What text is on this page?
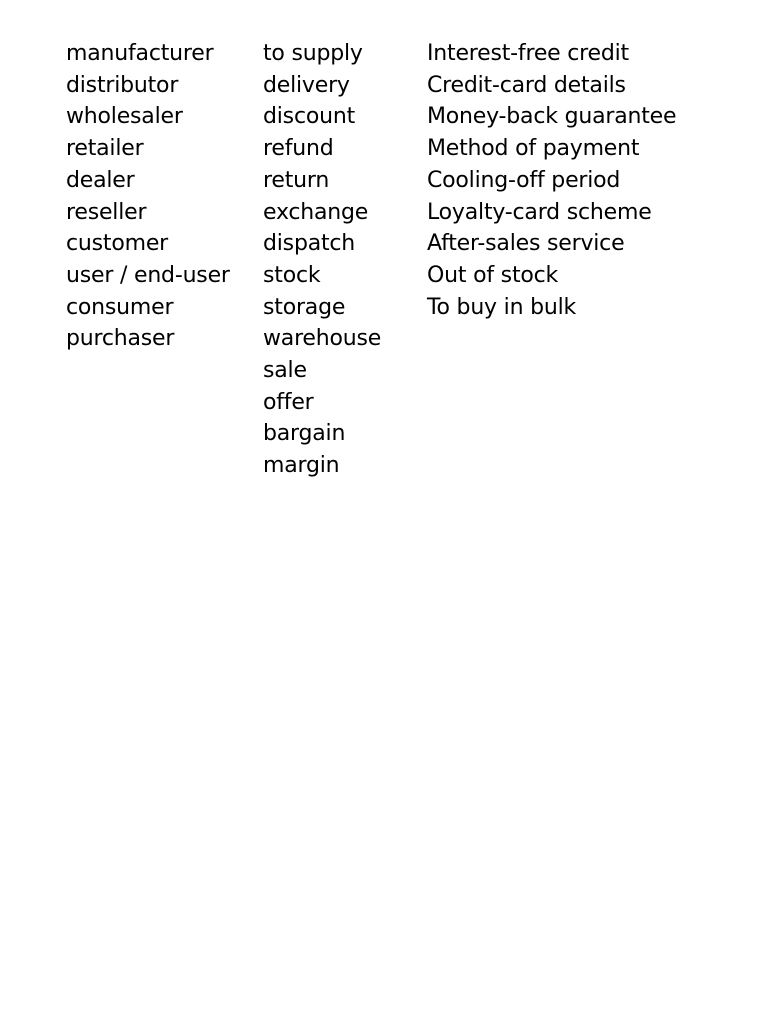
manufacturer
distributor
wholesaler
retailer
dealer
reseller
customer
user / end-user
consumer
purchaser
to supply
delivery
discount
refund
return
exchange
dispatch
stock
storage
warehouse
sale
offer
bargain
margin
Interest-free credit
Credit-card details
Money-back guarantee
Method of payment
Cooling-off period
Loyalty-card scheme
After-sales service
Out of stock
To buy in bulk
